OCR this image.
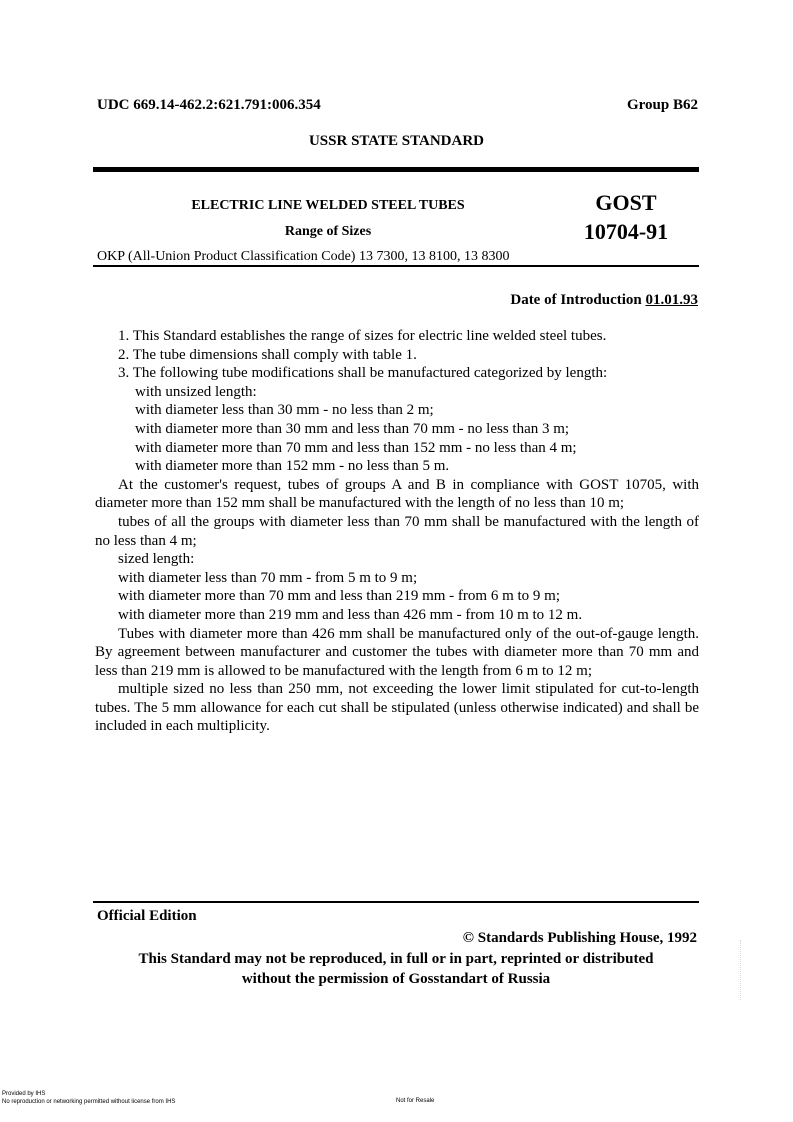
UDC 669.14-462.2:621.791:006.354	Group B62
USSR STATE STANDARD
ELECTRIC LINE WELDED STEEL TUBES
Range of Sizes
GOST
10704-91
OKP (All-Union Product Classification Code) 13 7300, 13 8100, 13 8300
Date of Introduction 01.01.93

1. This Standard establishes the range of sizes for electric line welded steel tubes.

2. The tube dimensions shall comply with table 1.

3. The following tube modifications shall be manufactured categorized by length:

with unsized length:

with diameter less than 30 mm - no less than 2 m;

with diameter more than 30 mm and less than 70 mm - no less than 3 m;

with diameter more than 70 mm and less than 152 mm - no less than 4 m;

with diameter more than 152 mm - no less than 5 m.

At the customer's request, tubes of groups A and B in compliance with GOST 10705, with diameter more than 152 mm shall be manufactured with the length of no less than 10 m;

tubes of all the groups with diameter less than 70 mm shall be manufactured with the length of no less than 4 m;

sized length:

with diameter less than 70 mm - from 5 m to 9 m;

with diameter more than 70 mm and less than 219 mm - from 6 m to 9 m;

with diameter more than 219 mm and less than 426 mm - from 10 m to 12 m.

Tubes with diameter more than 426 mm shall be manufactured only of the out-of-gauge length. By agreement between manufacturer and customer the tubes with diameter more than 70 mm and less than 219 mm is allowed to be manufactured with the length from 6 m to 12 m;

multiple sized no less than 250 mm, not exceeding the lower limit stipulated for cut-to-length tubes. The 5 mm allowance for each cut shall be stipulated (unless otherwise indicated) and shall be included in each multiplicity.

Official Edition
© Standards Publishing House, 1992
This Standard may not be reproduced, in full or in part, reprinted or distributed
without the permission of Gosstandart of Russia
Provided by IHS
No reproduction or networking permitted without license from IHS	Not for Resale
